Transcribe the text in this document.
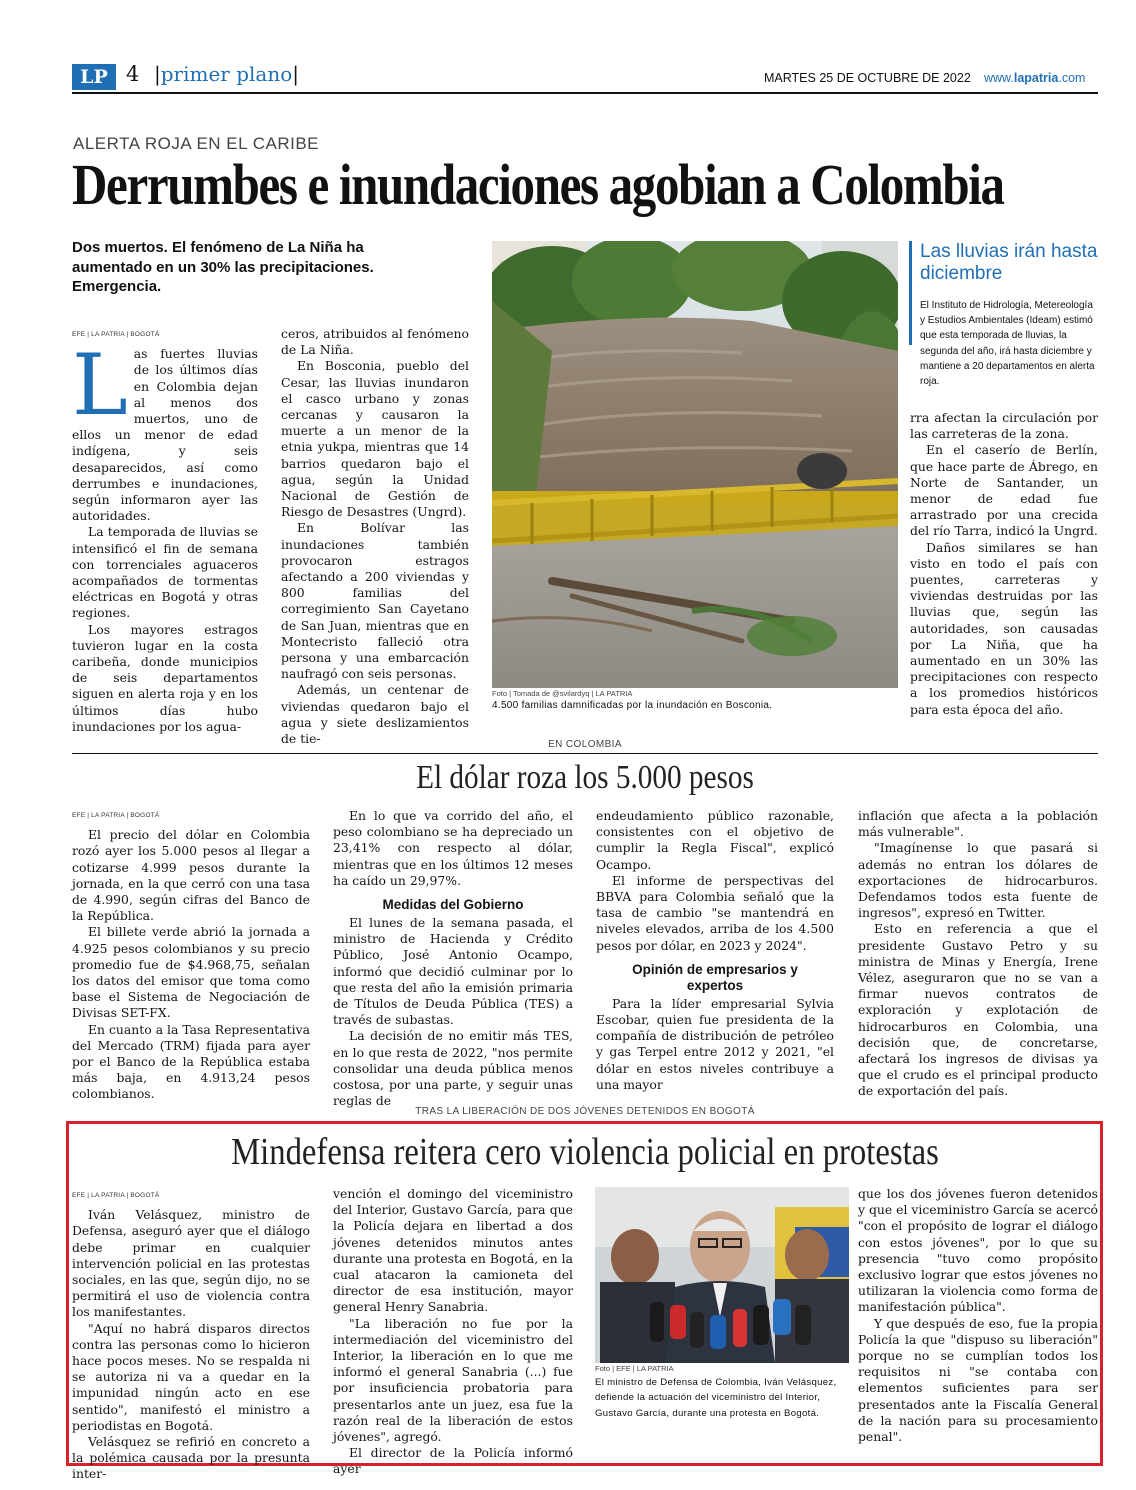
LP 4 |primer plano|	MARTES 25 DE OCTUBRE DE 2022 www.lapatria.com
ALERTA ROJA EN EL CARIBE
Derrumbes e inundaciones agobian a Colombia
Dos muertos. El fenómeno de La Niña ha aumentado en un 30% las precipitaciones. Emergencia.
EFE | LA PATRIA | BOGOTÁ
L as fuertes lluvias de los últimos días en Colombia dejan al menos dos muertos, uno de ellos un menor de edad indígena, y seis desaparecidos, así como derrumbes e inundaciones, según informaron ayer las autoridades.

La temporada de lluvias se intensificó el fin de semana con torrenciales aguaceros acompañados de tormentas eléctricas en Bogotá y otras regiones.

Los mayores estragos tuvieron lugar en la costa caribeña, donde municipios de seis departamentos siguen en alerta roja y en los últimos días hubo inundaciones por los agua-

ceros, atribuidos al fenómeno de La Niña.

En Bosconia, pueblo del Cesar, las lluvias inundaron el casco urbano y zonas cercanas y causaron la muerte a un menor de la etnia yukpa, mientras que 14 barrios quedaron bajo el agua, según la Unidad Nacional de Gestión de Riesgo de Desastres (Ungrd).

En Bolívar las inundaciones también provocaron estragos afectando a 200 viviendas y 800 familias del corregimiento San Cayetano de San Juan, mientras que en Montecristo falleció otra persona y una embarcación naufragó con seis personas.

Además, un centenar de viviendas quedaron bajo el agua y siete deslizamientos de tie-

Foto | Tomada de @svilardyq | LA PATRIA
4.500 familias damnificadas por la inundación en Bosconia.
Las lluvias irán hasta diciembre
El Instituto de Hidrología, Metereología y Estudios Ambientales (Ideam) estimó que esta temporada de lluvias, la segunda del año, irá hasta diciembre y mantiene a 20 departamentos en alerta roja.

rra afectan la circulación por las carreteras de la zona.

En el caserío de Berlín, que hace parte de Ábrego, en Norte de Santander, un menor de edad fue arrastrado por una crecida del río Tarra, indicó la Ungrd.

Daños similares se han visto en todo el país con puentes, carreteras y viviendas destruidas por las lluvias que, según las autoridades, son causadas por La Niña, que ha aumentado en un 30% las precipitaciones con respecto a los promedios históricos para esta época del año.

EN COLOMBIA
El dólar roza los 5.000 pesos
EFE | LA PATRIA | BOGOTÁ

El precio del dólar en Colombia rozó ayer los 5.000 pesos al llegar a cotizarse 4.999 pesos durante la jornada, en la que cerró con una tasa de 4.990, según cifras del Banco de la República.

El billete verde abrió la jornada a 4.925 pesos colombianos y su precio promedio fue de $4.968,75, señalan los datos del emisor que toma como base el Sistema de Negociación de Divisas SET-FX.

En cuanto a la Tasa Representativa del Mercado (TRM) fijada para ayer por el Banco de la República estaba más baja, en 4.913,24 pesos colombianos.

En lo que va corrido del año, el peso colombiano se ha depreciado un 23,41% con respecto al dólar, mientras que en los últimos 12 meses ha caído un 29,97%.

Medidas del Gobierno

El lunes de la semana pasada, el ministro de Hacienda y Crédito Público, José Antonio Ocampo, informó que decidió culminar por lo que resta del año la emisión primaria de Títulos de Deuda Pública (TES) a través de subastas.

La decisión de no emitir más TES, en lo que resta de 2022, "nos permite consolidar una deuda pública menos costosa, por una parte, y seguir unas reglas de

endeudamiento público razonable, consistentes con el objetivo de cumplir la Regla Fiscal", explicó Ocampo.

El informe de perspectivas del BBVA para Colombia señaló que la tasa de cambio "se mantendrá en niveles elevados, arriba de los 4.500 pesos por dólar, en 2023 y 2024".

Opinión de empresarios y expertos

Para la líder empresarial Sylvia Escobar, quien fue presidenta de la compañía de distribución de petróleo y gas Terpel entre 2012 y 2021, "el dólar en estos niveles contribuye a una mayor

inflación que afecta a la población más vulnerable".

"Imagínense lo que pasará si además no entran los dólares de exportaciones de hidrocarburos. Defendamos todos esta fuente de ingresos", expresó en Twitter.

Esto en referencia a que el presidente Gustavo Petro y su ministra de Minas y Energía, Irene Vélez, aseguraron que no se van a firmar nuevos contratos de exploración y explotación de hidrocarburos en Colombia, una decisión que, de concretarse, afectará los ingresos de divisas ya que el crudo es el principal producto de exportación del país.

TRAS LA LIBERACIÓN DE DOS JÓVENES DETENIDOS EN BOGOTÁ
Mindefensa reitera cero violencia policial en protestas
EFE | LA PATRIA | BOGOTÁ

Iván Velásquez, ministro de Defensa, aseguró ayer que el diálogo debe primar en cualquier intervención policial en las protestas sociales, en las que, según dijo, no se permitirá el uso de violencia contra los manifestantes.

"Aquí no habrá disparos directos contra las personas como lo hicieron hace pocos meses. No se respalda ni se autoriza ni va a quedar en la impunidad ningún acto en ese sentido", manifestó el ministro a periodistas en Bogotá.

Velásquez se refirió en concreto a la polémica causada por la presunta inter-

vención el domingo del viceministro del Interior, Gustavo García, para que la Policía dejara en libertad a dos jóvenes detenidos minutos antes durante una protesta en Bogotá, en la cual atacaron la camioneta del director de esa institución, mayor general Henry Sanabria.

"La liberación no fue por la intermediación del viceministro del Interior, la liberación en lo que me informó el general Sanabria (...) fue por insuficiencia probatoria para presentarlos ante un juez, esa fue la razón real de la liberación de estos jóvenes", agregó.

El director de la Policía informó ayer

Foto | EFE | LA PATRIA
El ministro de Defensa de Colombia, Iván Velásquez, defiende la actuación del viceministro del Interior, Gustavo García, durante una protesta en Bogotá.

que los dos jóvenes fueron detenidos y que el viceministro García se acercó "con el propósito de lograr el diálogo con estos jóvenes", por lo que su presencia "tuvo como propósito exclusivo lograr que estos jóvenes no utilizaran la violencia como forma de manifestación pública".

Y que después de eso, fue la propia Policía la que "dispuso su liberación" porque no se cumplían todos los requisitos ni "se contaba con elementos suficientes para ser presentados ante la Fiscalía General de la nación para su procesamiento penal".
